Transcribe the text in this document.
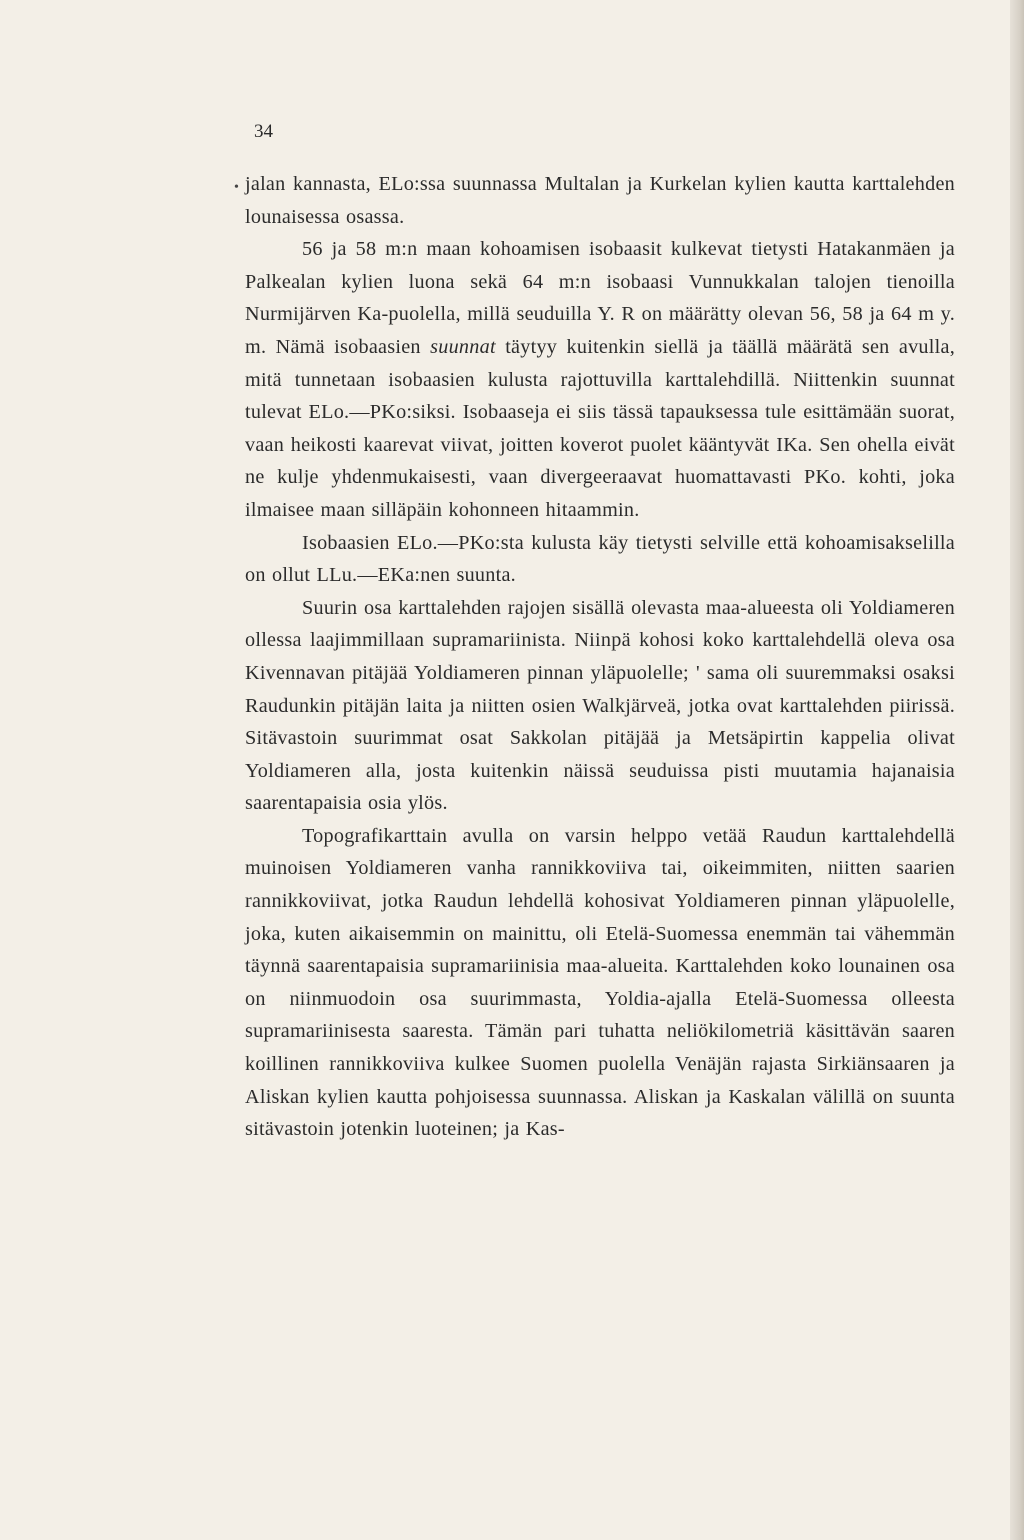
34
• jalan kannasta, ELo:ssa suunnassa Multalan ja Kurkelan kylien kautta karttalehden lounaisessa osassa.

56 ja 58 m:n maan kohoamisen isobaasit kulkevat tietysti Hatakanmäen ja Palkealan kylien luona sekä 64 m:n isobaasi Vunnukkalan talojen tienoilla Nurmijärven Ka-puolella, millä seuduilla Y. R on määrätty olevan 56, 58 ja 64 m y. m. Nämä isobaasien suunnat täytyy kuitenkin siellä ja täällä määrätä sen avulla, mitä tunnetaan isobaasien kulusta rajottuvilla karttalehdillä. Niittenkin suunnat tulevat ELo.—PKo:siksi. Isobaaseja ei siis tässä tapauksessa tule esittämään suorat, vaan heikosti kaarevat viivat, joitten koverot puolet kääntyvät IKa. Sen ohella eivät ne kulje yhdenmukaisesti, vaan divergeeraavat huomattavasti PKo. kohti, joka ilmaisee maan silläpäin kohonneen hitaammin.

Isobaasien ELo.—PKo:sta kulusta käy tietysti selville että kohoamisakselilla on ollut LLu.—EKa:nen suunta.

Suurin osa karttalehden rajojen sisällä olevasta maa-alueesta oli Yoldiameren ollessa laajimmillaan supramariinista. Niinpä kohosi koko karttalehdellä oleva osa Kivennavan pitäjää Yoldiameren pinnan yläpuolelle; ' sama oli suuremmaksi osaksi Raudunkin pitäjän laita ja niitten osien Walkjärveä, jotka ovat karttalehden piirissä. Sitävastoin suurimmat osat Sakkolan pitäjää ja Metsäpirtin kappelia olivat Yoldiameren alla, josta kuitenkin näissä seuduissa pisti muutamia hajanaisia saarentapaisia osia ylös.

Topografikarttain avulla on varsin helppo vetää Raudun karttalehdellä muinoisen Yoldiameren vanha rannikkoviiva tai, oikeimmiten, niitten saarien rannikkoviivat, jotka Raudun lehdellä kohosivat Yoldiameren pinnan yläpuolelle, joka, kuten aikaisemmin on mainittu, oli Etelä-Suomessa enemmän tai vähemmän täynnä saarentapaisia supramariinisia maa-alueita. Karttalehden koko lounainen osa on niinmuodoin osa suurimmasta, Yoldia-ajalla Etelä-Suomessa olleesta supramariinisesta saaresta. Tämän pari tuhatta neliökilometriä käsittävän saaren koillinen rannikkoviiva kulkee Suomen puolella Venäjän rajasta Sirkiänsaaren ja Aliskan kylien kautta pohjoisessa suunnassa. Aliskan ja Kaskalan välillä on suunta sitävastoin jotenkin luoteinen; ja Kas-
